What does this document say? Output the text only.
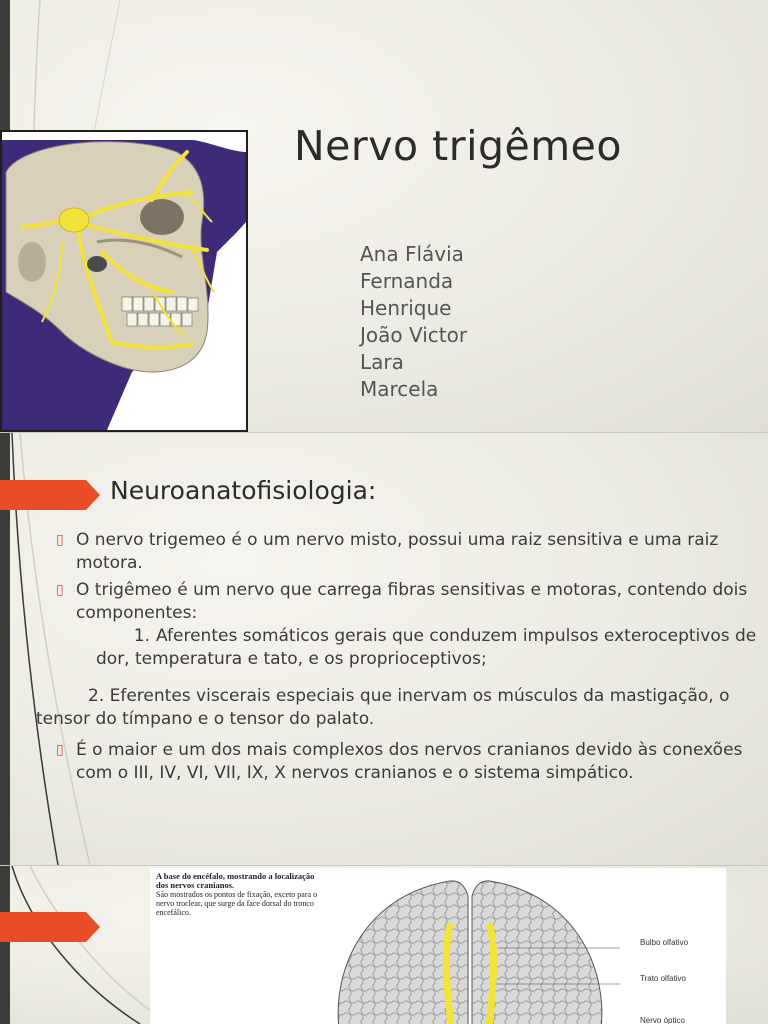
Nervo trigêmeo
Ana Flávia
Fernanda
Henrique
João Victor
Lara
Marcela
Neuroanatofisiologia:
▯ O nervo trigemeo é o um nervo misto, possui uma raiz sensitiva e uma raiz motora.
▯ O trigêmeo é um nervo que carrega fibras sensitivas e motoras, contendo dois componentes:
1. Aferentes somáticos gerais que conduzem impulsos exteroceptivos de dor, temperatura e tato, e os proprioceptivos;
2. Eferentes viscerais especiais que inervam os músculos da mastigação, o tensor do tímpano e o tensor do palato.
▯ É o maior e um dos mais complexos dos nervos cranianos devido às conexões com o III, IV, VI, VII, IX, X nervos cranianos e o sistema simpático.
A base do encéfalo, mostrando a localização dos nervos cranianos.
São mostrados os pontos de fixação, exceto para o nervo troclear, que surge da face dorsal do tronco encefálico.
Bulbo olfativo
Trato olfativo
Nervo óptico
